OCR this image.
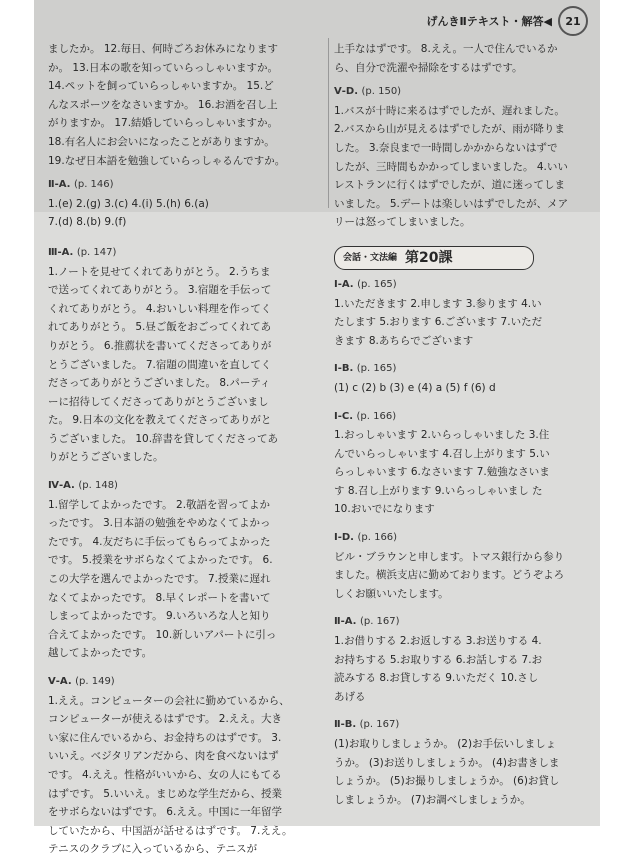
げんきⅡテキスト・解答◀	21
ましたか。 12.毎日、何時ごろお休みになります
か。 13.日本の歌を知っていらっしゃいますか。
14.ペットを飼っていらっしゃいますか。 15.ど
んなスポーツをなさいますか。 16.お酒を召し上
がりますか。 17.結婚していらっしゃいますか。
18.有名人にお会いになったことがありますか。
19.なぜ日本語を勉強していらっしゃるんですか。
Ⅱ-A. (p. 146)
1.(e) 2.(g) 3.(c) 4.(i) 5.(h) 6.(a)
7.(d) 8.(b) 9.(f)
Ⅲ-A. (p. 147)
1.ノートを見せてくれてありがとう。 2.うちま
で送ってくれてありがとう。 3.宿題を手伝って
くれてありがとう。 4.おいしい料理を作ってく
れてありがとう。 5.昼ご飯をおごってくれてあ
りがとう。 6.推薦状を書いてくださってありが
とうございました。 7.宿題の間違いを直してく
ださってありがとうございました。 8.パーティ
ーに招待してくださってありがとうございまし
た。 9.日本の文化を教えてくださってありがと
うございました。 10.辞書を貸してくださってあ
りがとうございました。
Ⅳ-A. (p. 148)
1.留学してよかったです。 2.敬語を習ってよか
ったです。 3.日本語の勉強をやめなくてよかっ
たです。 4.友だちに手伝ってもらってよかった
です。 5.授業をサボらなくてよかったです。 6.
この大学を選んでよかったです。 7.授業に遅れ
なくてよかったです。 8.早くレポートを書いて
しまってよかったです。 9.いろいろな人と知り
合えてよかったです。 10.新しいアパートに引っ
越してよかったです。
Ⅴ-A. (p. 149)
1.ええ。コンピューターの会社に勤めているから、
コンピューターが使えるはずです。 2.ええ。大き
い家に住んでいるから、お金持ちのはずです。 3.
いいえ。ベジタリアンだから、肉を食べないはず
です。 4.ええ。性格がいいから、女の人にもてる
はずです。 5.いいえ。まじめな学生だから、授業
をサボらないはずです。 6.ええ。中国に一年留学
していたから、中国語が話せるはずです。 7.ええ。
テニスのクラブに入っているから、テニスが
上手なはずです。 8.ええ。一人で住んでいるか
ら、自分で洗濯や掃除をするはずです。
Ⅴ-D. (p. 150)
1.バスが十時に来るはずでしたが、遅れました。
2.バスから山が見えるはずでしたが、雨が降りま
した。 3.奈良まで一時間しかかからないはずで
したが、三時間もかかってしまいました。 4.いい
レストランに行くはずでしたが、道に迷ってしま
いました。 5.デートは楽しいはずでしたが、メア
リーは怒ってしまいました。
会話・文法編 第20課
Ⅰ-A. (p. 165)
1.いただきます 2.申します 3.参ります 4.い
たします 5.おります 6.ございます 7.いただ
きます 8.あちらでございます
Ⅰ-B. (p. 165)
(1) c (2) b (3) e (4) a (5) f (6) d
Ⅰ-C. (p. 166)
1.おっしゃいます 2.いらっしゃいました 3.住
んでいらっしゃいます 4.召し上がります 5.い
らっしゃいます 6.なさいます 7.勉強なさいま
す 8.召し上がります 9.いらっしゃいまし た
10.おいでになります
Ⅰ-D. (p. 166)
ビル・ブラウンと申します。トマス銀行から参り
ました。横浜支店に勤めております。どうぞよろ
しくお願いいたします。
Ⅱ-A. (p. 167)
1.お借りする 2.お返しする 3.お送りする 4.
お持ちする 5.お取りする 6.お話しする 7.お
読みする 8.お貸しする 9.いただく 10.さし
あげる
Ⅱ-B. (p. 167)
(1)お取りしましょうか。 (2)お手伝いしましょ
うか。 (3)お送りしましょうか。 (4)お書きしま
しょうか。 (5)お撮りしましょうか。 (6)お貸し
しましょうか。 (7)お調べしましょうか。
